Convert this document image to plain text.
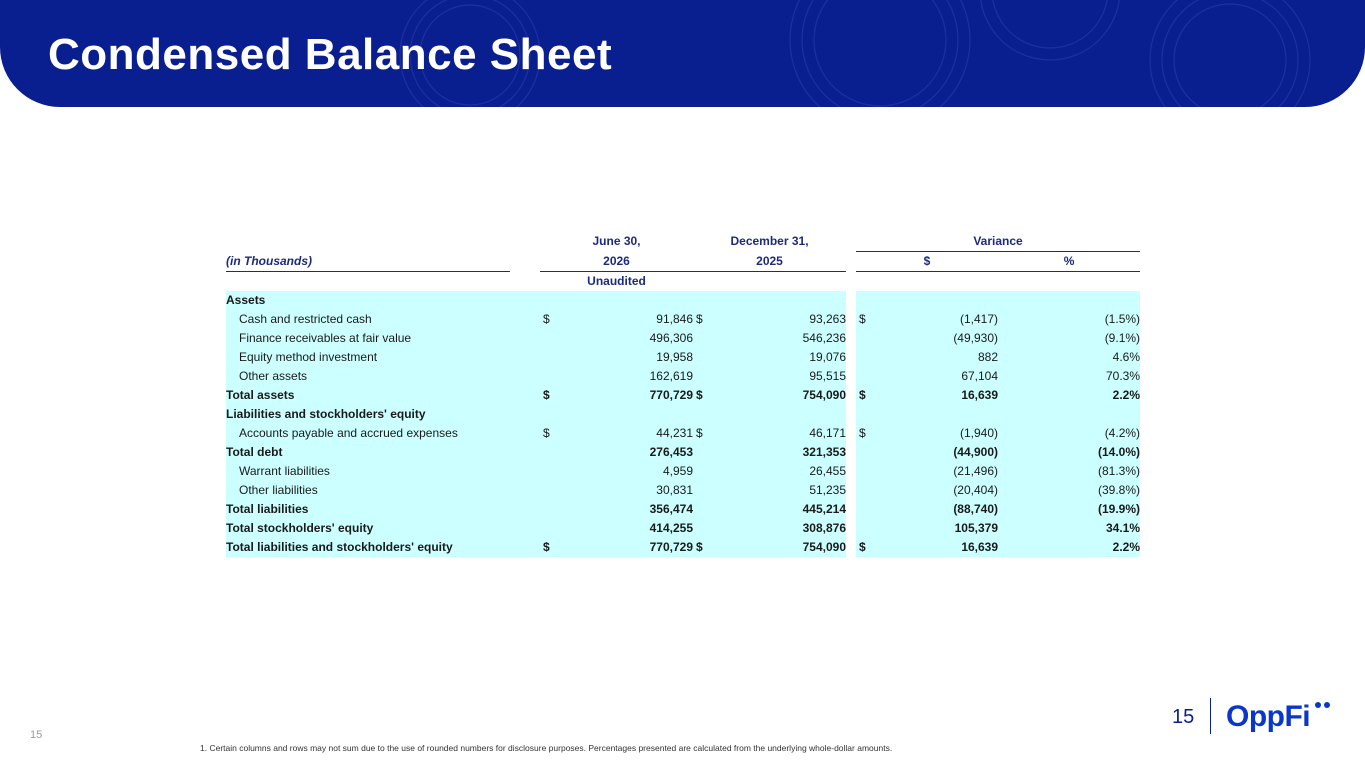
Condensed Balance Sheet
		June 30,		December 31,			Variance		
(in Thousands)		2026		2025			$		%
		Unaudited							
Assets									
Cash and restricted cash		$	91,846	$	93,263		$	(1,417)	(1.5%)
Finance receivables at fair value			496,306		546,236			(49,930)	(9.1%)
Equity method investment			19,958		19,076			882	4.6%
Other assets			162,619		95,515			67,104	70.3%
Total assets		$	770,729	$	754,090		$	16,639	2.2%
Liabilities and stockholders' equity									
Accounts payable and accrued expenses		$	44,231	$	46,171		$	(1,940)	(4.2%)
Total debt			276,453		321,353			(44,900)	(14.0%)
Warrant liabilities			4,959		26,455			(21,496)	(81.3%)
Other liabilities			30,831		51,235			(20,404)	(39.8%)
Total liabilities			356,474		445,214			(88,740)	(19.9%)
Total stockholders' equity			414,255		308,876			105,379	34.1%
Total liabilities and stockholders' equity		$	770,729	$	754,090		$	16,639	2.2%
15 OppFi
15
1. Certain columns and rows may not sum due to the use of rounded numbers for disclosure purposes. Percentages presented are calculated from the underlying whole-dollar amounts.
